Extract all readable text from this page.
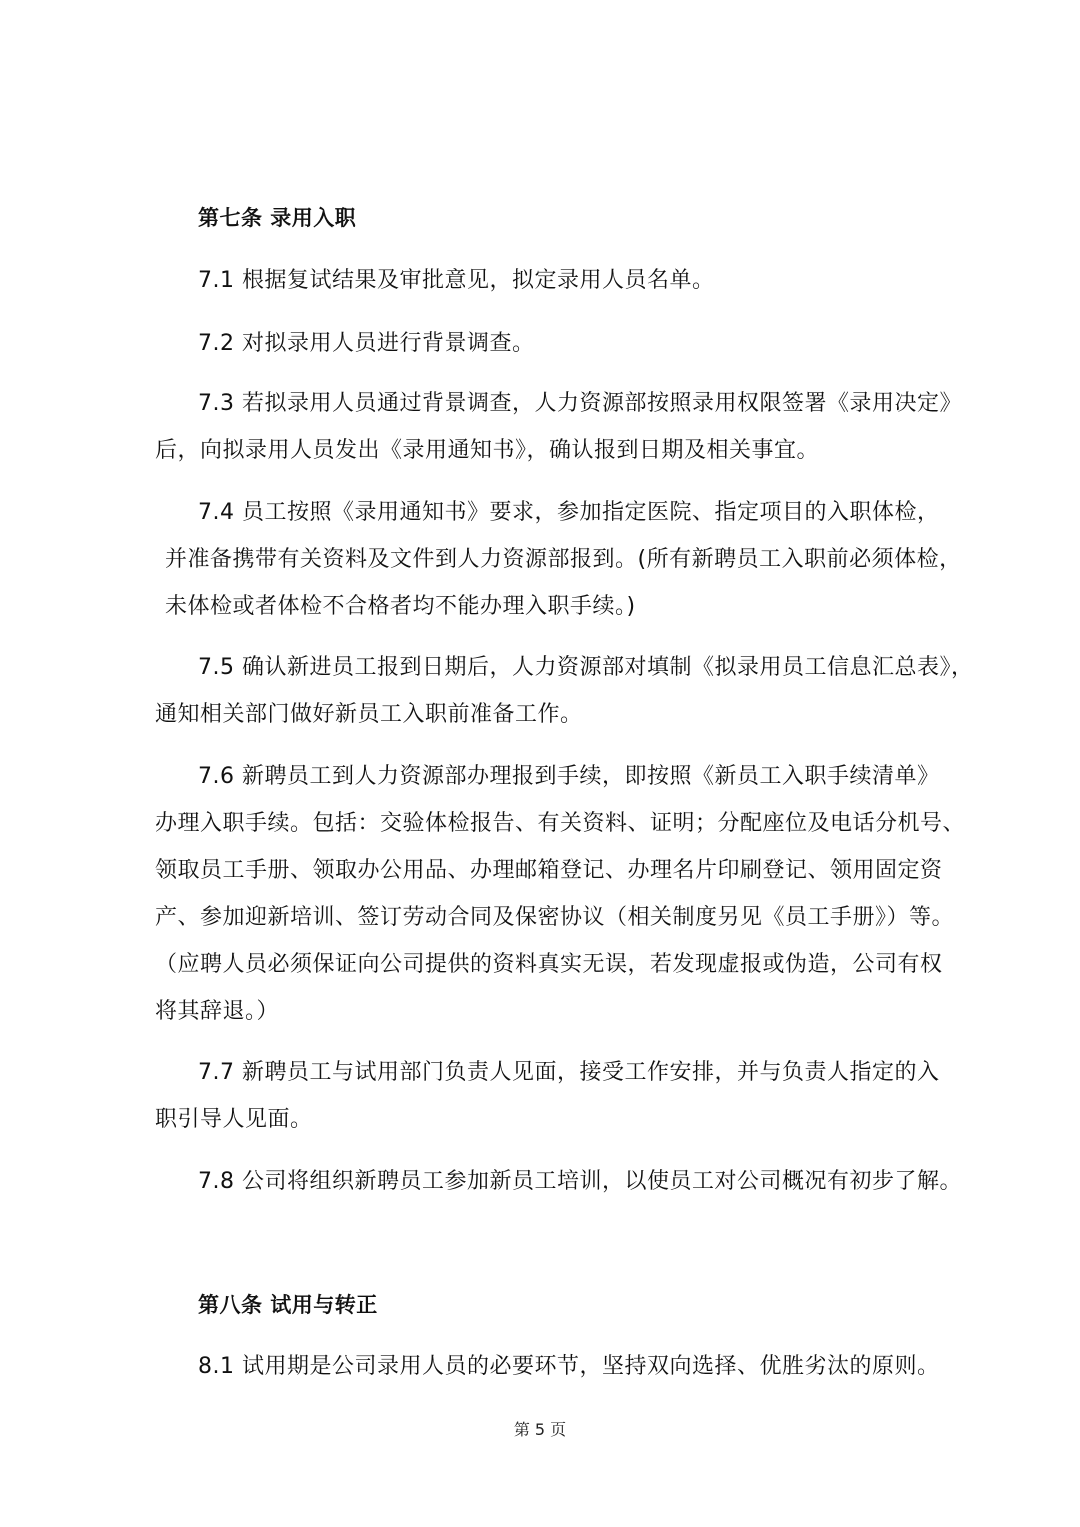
第七条 录用入职
7.1 根据复试结果及审批意见，拟定录用人员名单。
7.2 对拟录用人员进行背景调查。
7.3 若拟录用人员通过背景调查，人力资源部按照录用权限签署《录用决定》
后，向拟录用人员发出《录用通知书》，确认报到日期及相关事宜。
7.4 员工按照《录用通知书》要求，参加指定医院、指定项目的入职体检，
并准备携带有关资料及文件到人力资源部报到。(所有新聘员工入职前必须体检，
未体检或者体检不合格者均不能办理入职手续。)
7.5 确认新进员工报到日期后，人力资源部对填制《拟录用员工信息汇总表》，
通知相关部门做好新员工入职前准备工作。
7.6 新聘员工到人力资源部办理报到手续，即按照《新员工入职手续清单》
办理入职手续。包括：交验体检报告、有关资料、证明；分配座位及电话分机号、
领取员工手册、领取办公用品、办理邮箱登记、办理名片印刷登记、领用固定资
产、参加迎新培训、签订劳动合同及保密协议（相关制度另见《员工手册》）等。
（应聘人员必须保证向公司提供的资料真实无误，若发现虚报或伪造，公司有权
将其辞退。）
7.7 新聘员工与试用部门负责人见面，接受工作安排，并与负责人指定的入
职引导人见面。
7.8 公司将组织新聘员工参加新员工培训，以使员工对公司概况有初步了解。
第八条 试用与转正
8.1 试用期是公司录用人员的必要环节，坚持双向选择、优胜劣汰的原则。
第 5 页
